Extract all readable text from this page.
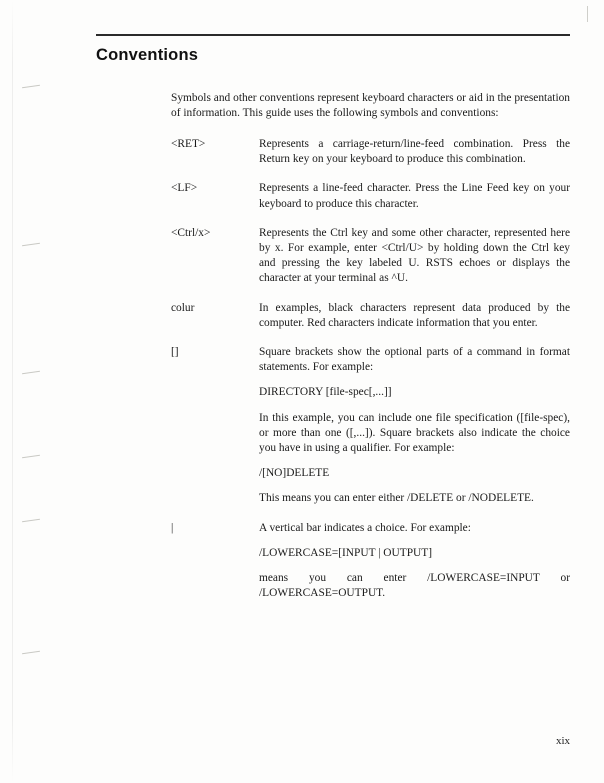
Conventions

Symbols and other conventions represent keyboard characters or aid in the presentation of information. This guide uses the following symbols and conventions:

<RET>	Represents a carriage-return/line-feed combination. Press the Return key on your keyboard to produce this combination.

<LF>	Represents a line-feed character. Press the Line Feed key on your keyboard to produce this character.

<Ctrl/x>	Represents the Ctrl key and some other character, represented here by x. For example, enter <Ctrl/U> by holding down the Ctrl key and pressing the key labeled U. RSTS echoes or displays the character at your terminal as ^U.

colur	In examples, black characters represent data produced by the computer. Red characters indicate information that you enter.

[]	Square brackets show the optional parts of a command in format statements. For example:

DIRECTORY [file-spec[,...]]

In this example, you can include one file specification ([file-spec), or more than one ([,...]). Square brackets also indicate the choice you have in using a qualifier. For example:

/[NO]DELETE

This means you can enter either /DELETE or /NODELETE.

|	A vertical bar indicates a choice. For example:

/LOWERCASE=[INPUT | OUTPUT]

means you can enter /LOWERCASE=INPUT or /LOWERCASE=OUTPUT.

xix
